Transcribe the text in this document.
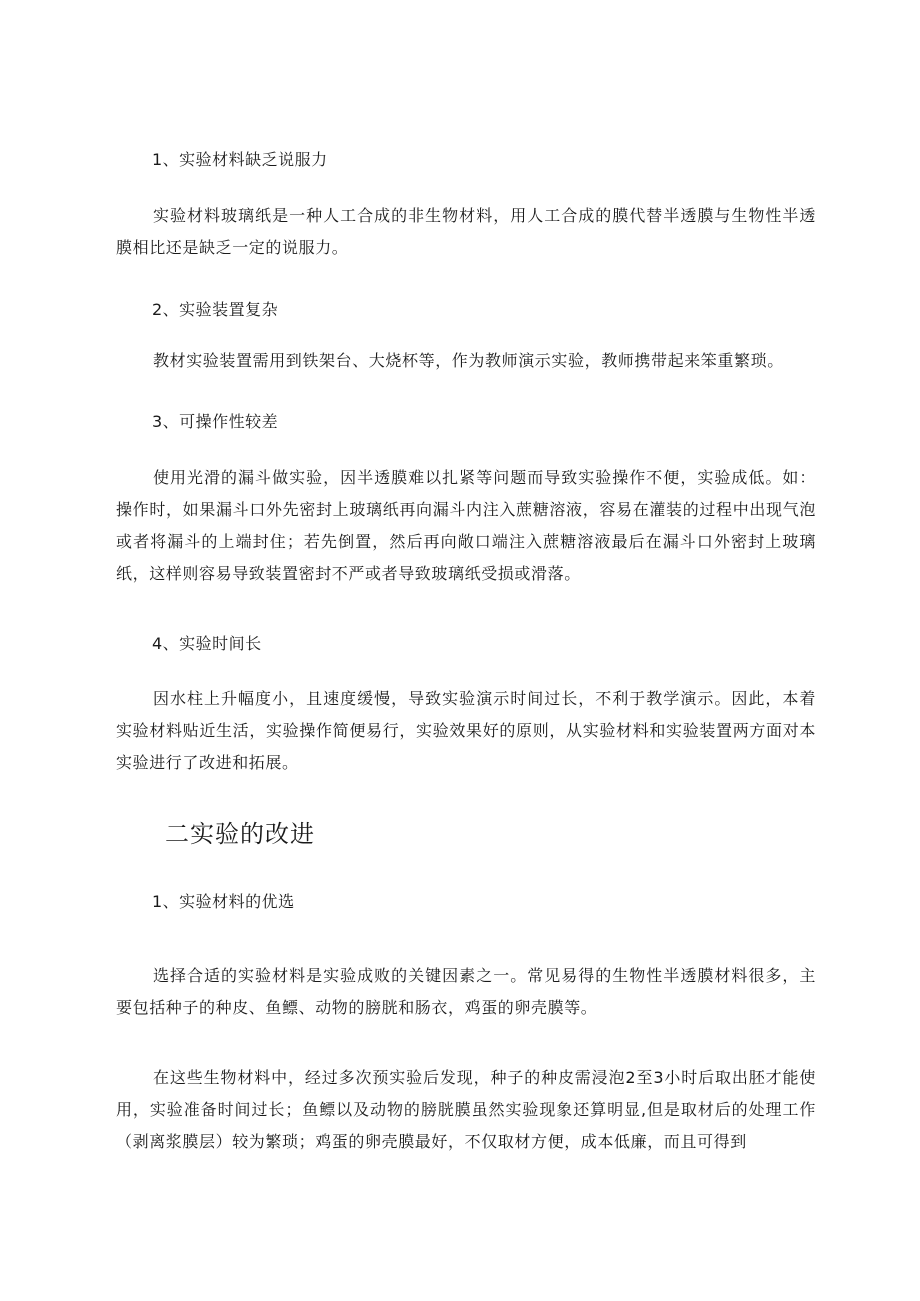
1、实验材料缺乏说服力

实验材料玻璃纸是一种人工合成的非生物材料，用人工合成的膜代替半透膜与生物性半透膜相比还是缺乏一定的说服力。

2、实验装置复杂

教材实验装置需用到铁架台、大烧杯等，作为教师演示实验，教师携带起来笨重繁琐。

3、可操作性较差

使用光滑的漏斗做实验，因半透膜难以扎紧等问题而导致实验操作不便，实验成低。如：操作时，如果漏斗口外先密封上玻璃纸再向漏斗内注入蔗糖溶液，容易在灌装的过程中出现气泡或者将漏斗的上端封住；若先倒置，然后再向敞口端注入蔗糖溶液最后在漏斗口外密封上玻璃纸，这样则容易导致装置密封不严或者导致玻璃纸受损或滑落。

4、实验时间长

因水柱上升幅度小，且速度缓慢，导致实验演示时间过长，不利于教学演示。因此，本着实验材料贴近生活，实验操作简便易行，实验效果好的原则，从实验材料和实验装置两方面对本实验进行了改进和拓展。

二实验的改进
1、实验材料的优选

选择合适的实验材料是实验成败的关键因素之一。常见易得的生物性半透膜材料很多，主要包括种子的种皮、鱼鳔、动物的膀胱和肠衣，鸡蛋的卵壳膜等。

在这些生物材料中，经过多次预实验后发现，种子的种皮需浸泡2至3小时后取出胚才能使用，实验准备时间过长；鱼鳔以及动物的膀胱膜虽然实验现象还算明显,但是取材后的处理工作（剥离浆膜层）较为繁琐；鸡蛋的卵壳膜最好，不仅取材方便，成本低廉，而且可得到
